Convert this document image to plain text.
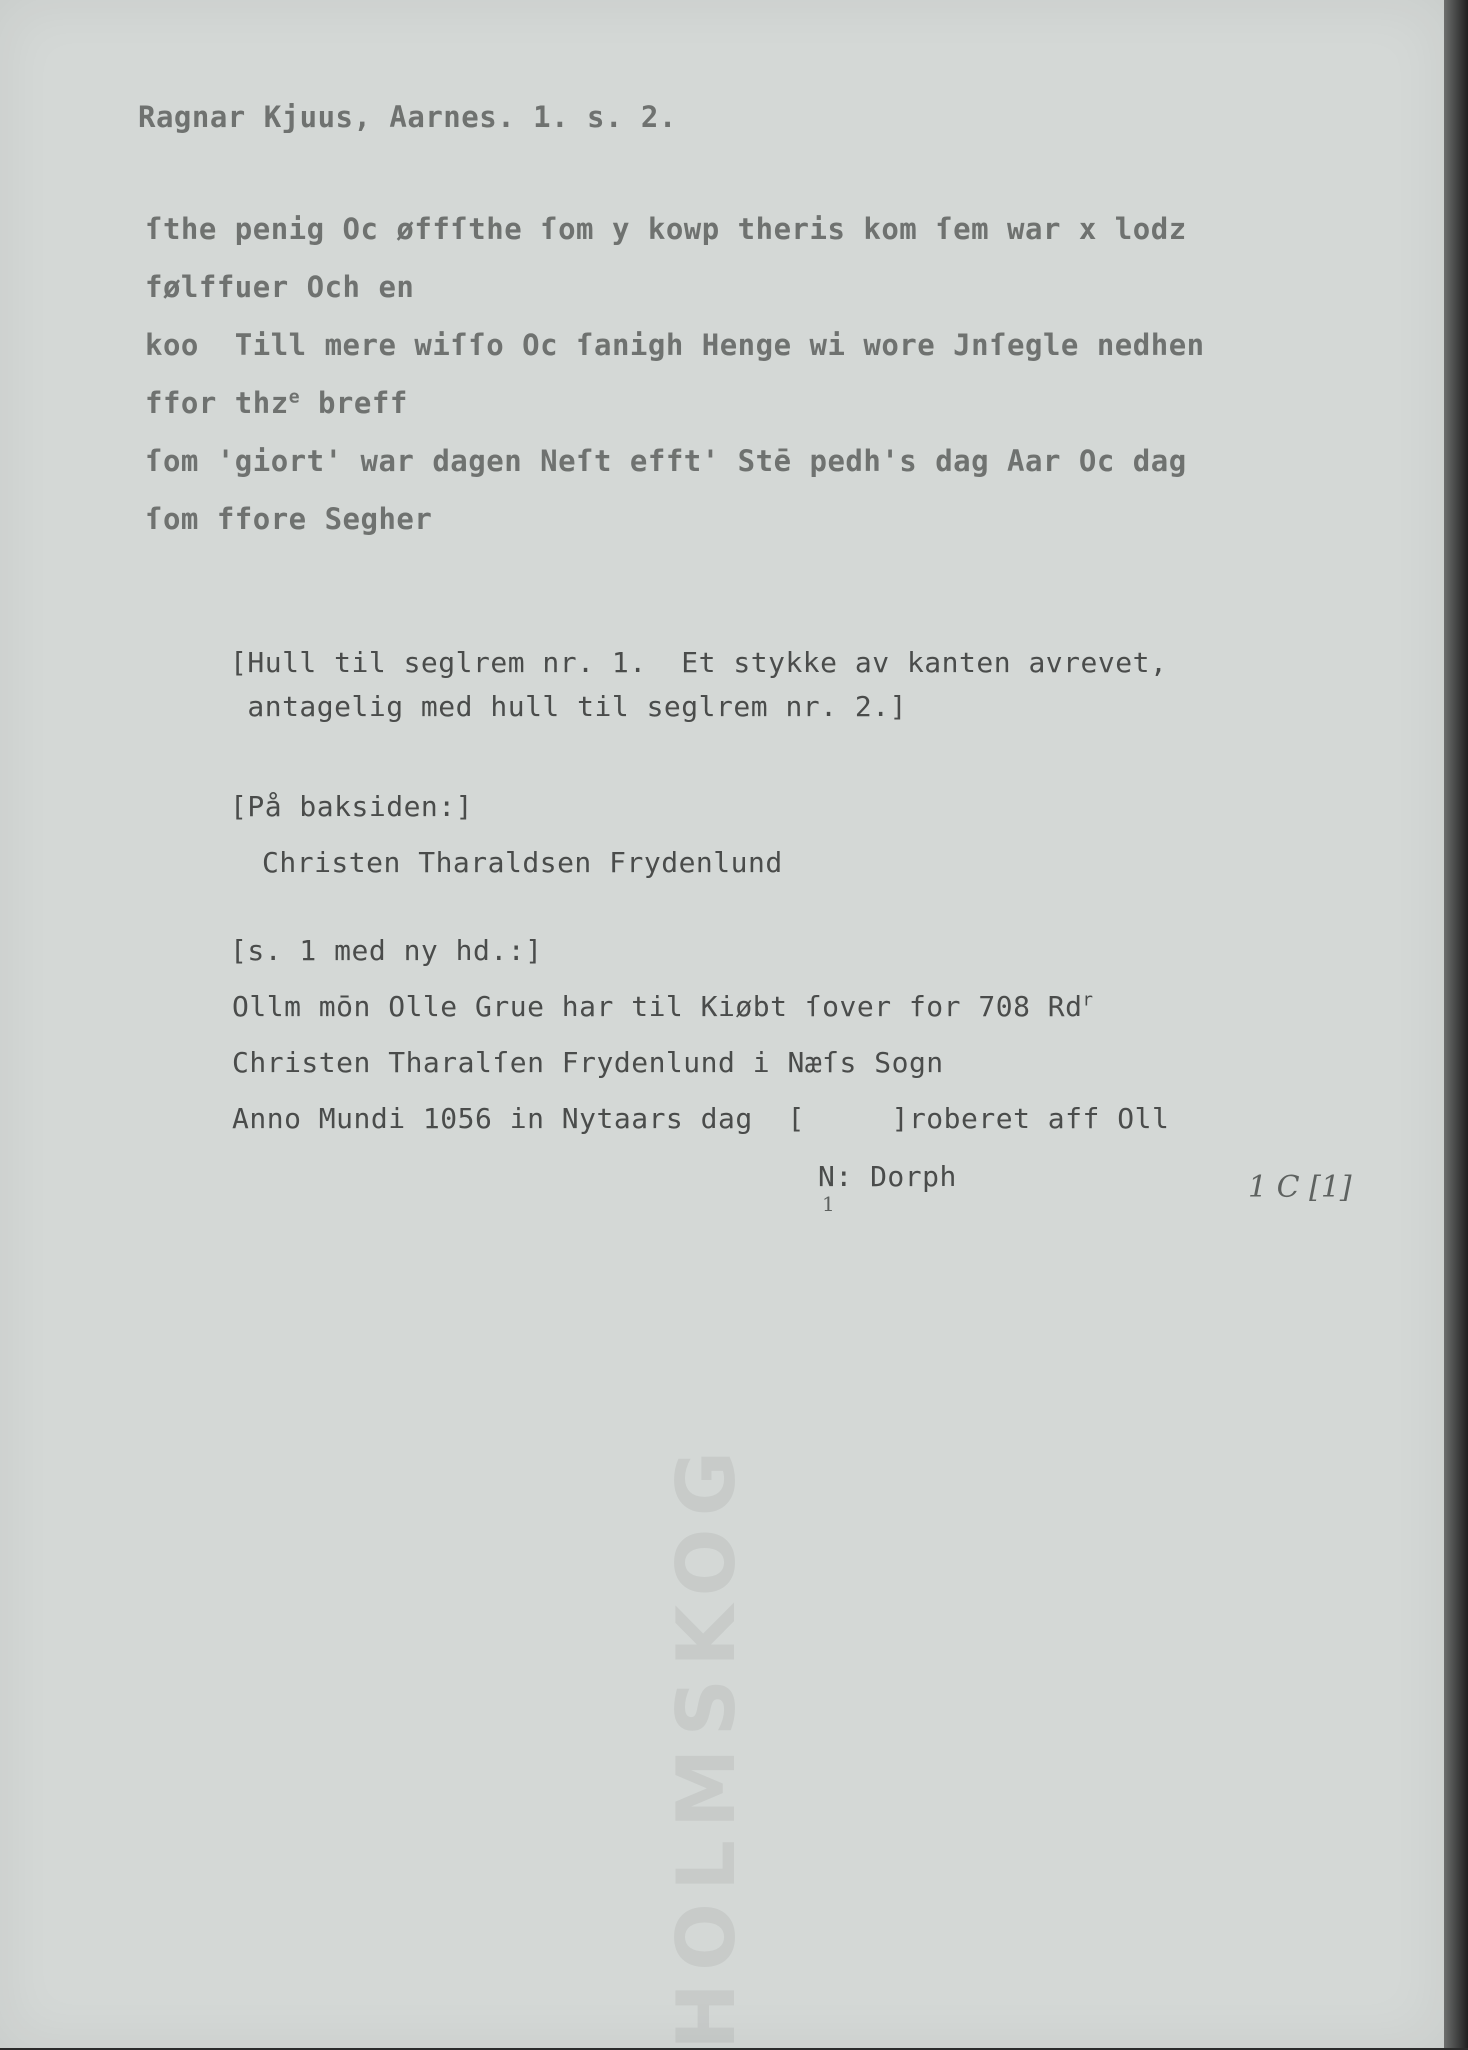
HOLMSKOG

Ragnar Kjuus, Aarnes. 1. s. 2.

ſthe penig Oc øffſthe ſom y kowp theris kom ſem war x lodz

følffuer Och en

koo  Till mere wiſſo Oc ſanigh Henge wi wore Jnſegle nedhen

ffor thz$^e$ breff

ſom 'giort' war dagen Neſt efft' Stē pedh's dag Aar Oc dag

ſom ffore Segher

[Hull til seglrem nr. 1.  Et stykke av kanten avrevet,

antagelig med hull til seglrem nr. 2.]

[På baksiden:]

Christen Tharaldsen Frydenlund

[s. 1 med ny hd.:]

Ollm mōn Olle Grue har til Kiøbt ſover for 708 Rd$^r$

Christen Tharalſen Frydenlund i Næſs Sogn

Anno Mundi 1056 in Nytaars dag  [     ]roberet aff Oll

N: Dorph

1	1 C [1]
